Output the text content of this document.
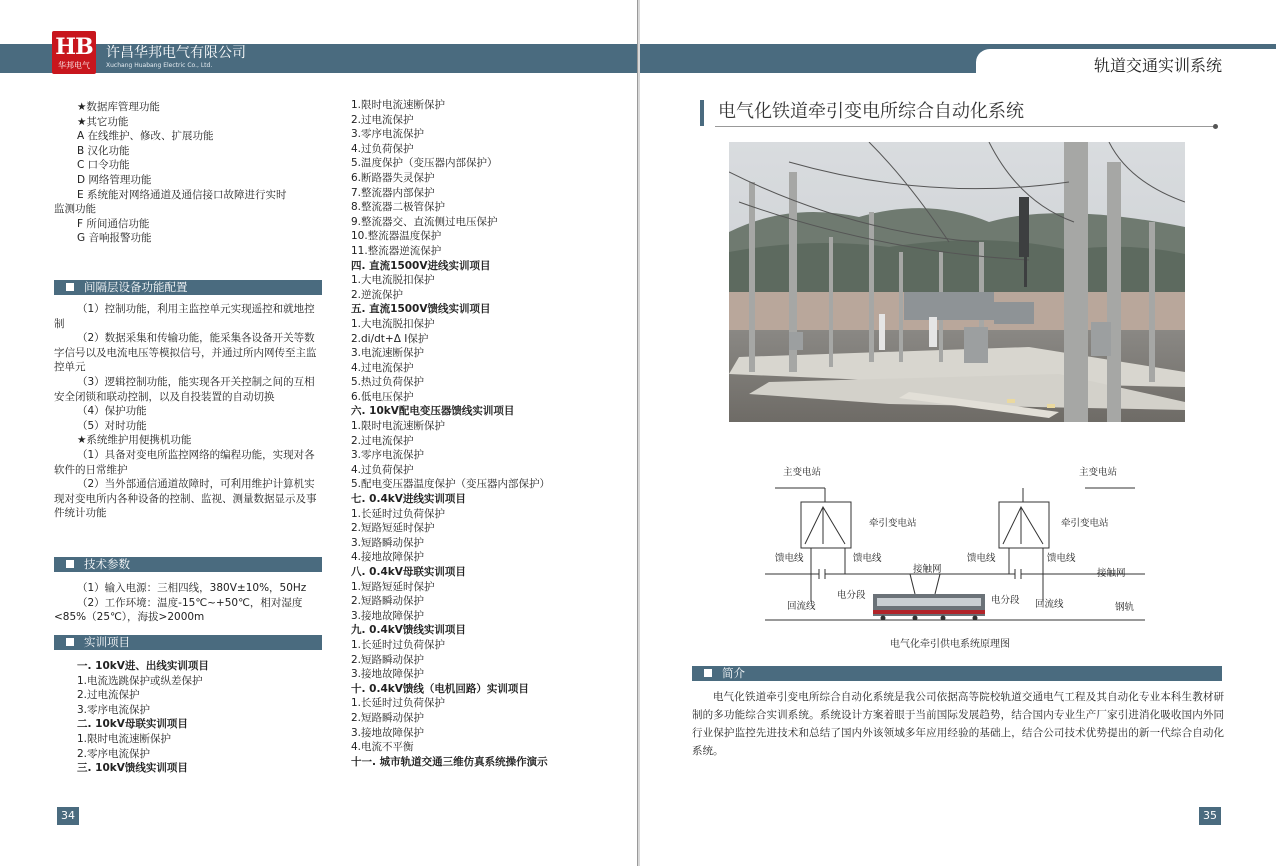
HB
华邦电气
许昌华邦电气有限公司
Xuchang Huabang Electric Co., Ltd.
★数据库管理功能
★其它功能
A 在线维护、修改、扩展功能
B 汉化功能
C 口令功能
D 网络管理功能
E 系统能对网络通道及通信接口故障进行实时
监测功能
F 所间通信功能
G 音响报警功能
间隔层设备功能配置
（1）控制功能，利用主监控单元实现遥控和就地控制
（2）数据采集和传输功能，能采集各设备开关等数字信号以及电流电压等模拟信号，并通过所内网传至主监控单元
（3）逻辑控制功能，能实现各开关控制之间的互相安全闭锁和联动控制，以及自投装置的自动切换
（4）保护功能
（5）对时功能
★系统维护用便携机功能
（1）具备对变电所监控网络的编程功能，实现对各软件的日常维护
（2）当外部通信通道故障时，可利用维护计算机实现对变电所内各种设备的控制、监视、测量数据显示及事件统计功能
技术参数
（1）输入电源：三相四线，380V±10%，50Hz
（2）工作环境：温度-15℃~+50℃，相对湿度<85%（25℃），海拔>2000m
实训项目
一. 10kV进、出线实训项目
1.电流选跳保护或纵差保护
2.过电流保护
3.零序电流保护
二. 10kV母联实训项目
1.限时电流速断保护
2.零序电流保护
三. 10kV馈线实训项目
1.限时电流速断保护
2.过电流保护
3.零序电流保护
4.过负荷保护
5.温度保护（变压器内部保护）
6.断路器失灵保护
7.整流器内部保护
8.整流器二极管保护
9.整流器交、直流侧过电压保护
10.整流器温度保护
11.整流器逆流保护
四. 直流1500V进线实训项目
1.大电流脱扣保护
2.逆流保护
五. 直流1500V馈线实训项目
1.大电流脱扣保护
2.di/dt+Δ I保护
3.电流速断保护
4.过电流保护
5.热过负荷保护
6.低电压保护
六. 10kV配电变压器馈线实训项目
1.限时电流速断保护
2.过电流保护
3.零序电流保护
4.过负荷保护
5.配电变压器温度保护（变压器内部保护）
七. 0.4kV进线实训项目
1.长延时过负荷保护
2.短路短延时保护
3.短路瞬动保护
4.接地故障保护
八. 0.4kV母联实训项目
1.短路短延时保护
2.短路瞬动保护
3.接地故障保护
九. 0.4kV馈线实训项目
1.长延时过负荷保护
2.短路瞬动保护
3.接地故障保护
十. 0.4kV馈线（电机回路）实训项目
1.长延时过负荷保护
2.短路瞬动保护
3.接地故障保护
4.电流不平衡
十一. 城市轨道交通三维仿真系统操作演示
34
轨道交通实训系统
35
电气化铁道牵引变电所综合自动化系统
主变电站	主变电站
牵引变电站	牵引变电站
馈电线	馈电线	馈电线	馈电线
接触网	接触网
电分段	电分段
回流线	回流线	钢轨
电气化牵引供电系统原理图
简介
电气化铁道牵引变电所综合自动化系统是我公司依据高等院校轨道交通电气工程及其自动化专业本科生教材研制的多功能综合实训系统。系统设计方案着眼于当前国际发展趋势，结合国内专业生产厂家引进消化吸收国内外同行业保护监控先进技术和总结了国内外该领域多年应用经验的基础上，结合公司技术优势提出的新一代综合自动化系统。
